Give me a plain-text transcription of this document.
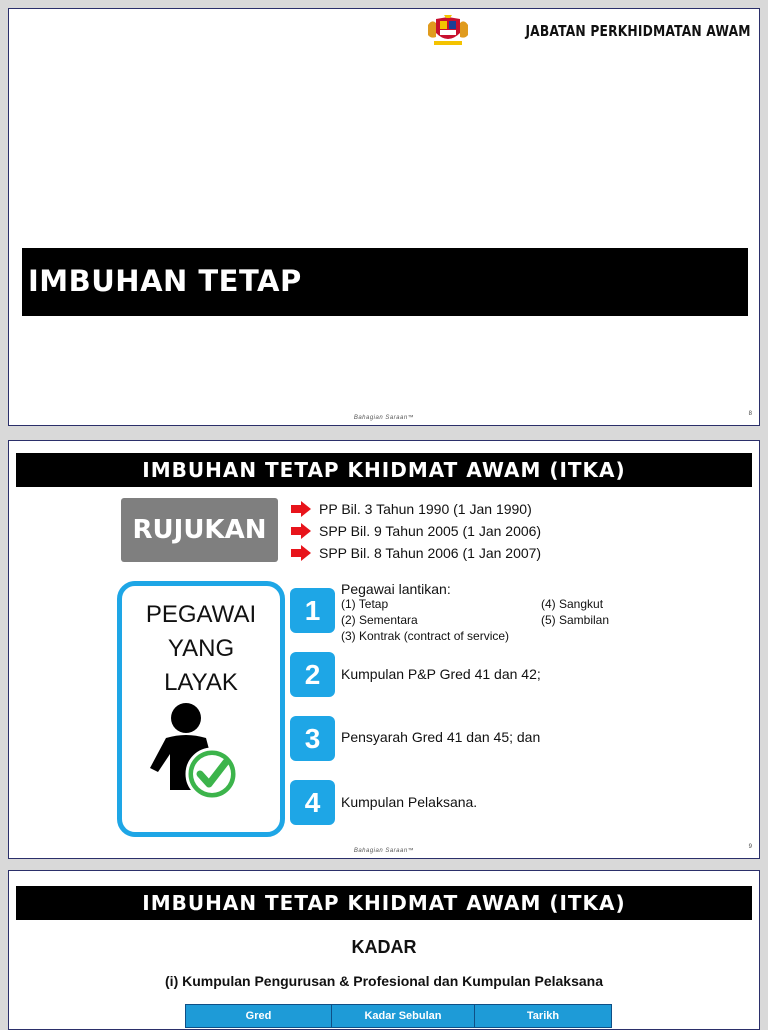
JABATAN PERKHIDMATAN AWAM
IMBUHAN TETAP
Bahagian Saraan™
8
IMBUHAN TETAP KHIDMAT AWAM (ITKA)
RUJUKAN
PP Bil. 3 Tahun 1990 (1 Jan 1990)
SPP Bil. 9 Tahun 2005 (1 Jan 2006)
SPP Bil. 8 Tahun 2006 (1 Jan 2007)
PEGAWAI
YANG
LAYAK
1
Pegawai lantikan:
(1) Tetap	(4) Sangkut
(2) Sementara	(5) Sambilan
(3) Kontrak (contract of service)
2	Kumpulan P&P Gred 41 dan 42;
3	Pensyarah Gred 41 dan 45; dan
4	Kumpulan Pelaksana.
Bahagian Saraan™
9
IMBUHAN TETAP KHIDMAT AWAM (ITKA)
KADAR
(i) Kumpulan Pengurusan & Profesional dan Kumpulan Pelaksana
Gred	Kadar Sebulan	Tarikh
